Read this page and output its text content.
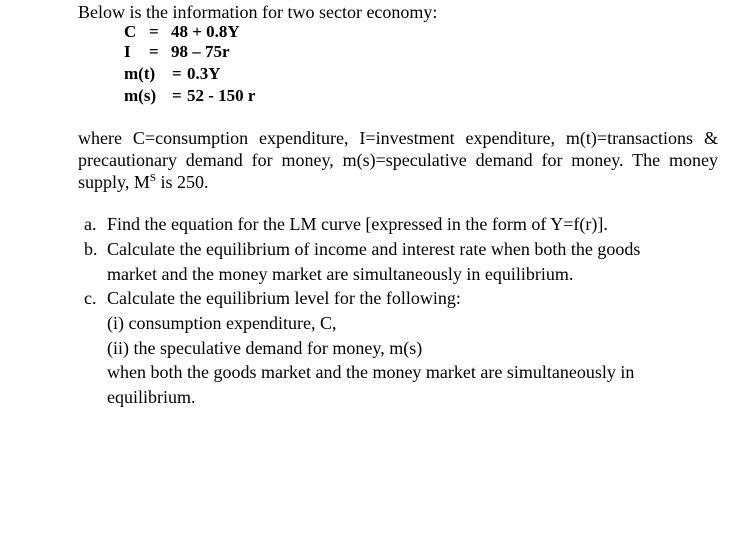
Below is the information for two sector economy:
C = 48 + 0.8Y
I = 98 – 75r
m(t) = 0.3Y
m(s) = 52 - 150 r
where C=consumption expenditure, I=investment expenditure, m(t)=transactions &
precautionary demand for money, m(s)=speculative demand for money. The money
supply, $M^S$ is 250.
a. Find the equation for the LM curve [expressed in the form of Y=f(r)].
b. Calculate the equilibrium of income and interest rate when both the goods
market and the money market are simultaneously in equilibrium.
c. Calculate the equilibrium level for the following:
(i) consumption expenditure, C,
(ii) the speculative demand for money, m(s)
when both the goods market and the money market are simultaneously in
equilibrium.
